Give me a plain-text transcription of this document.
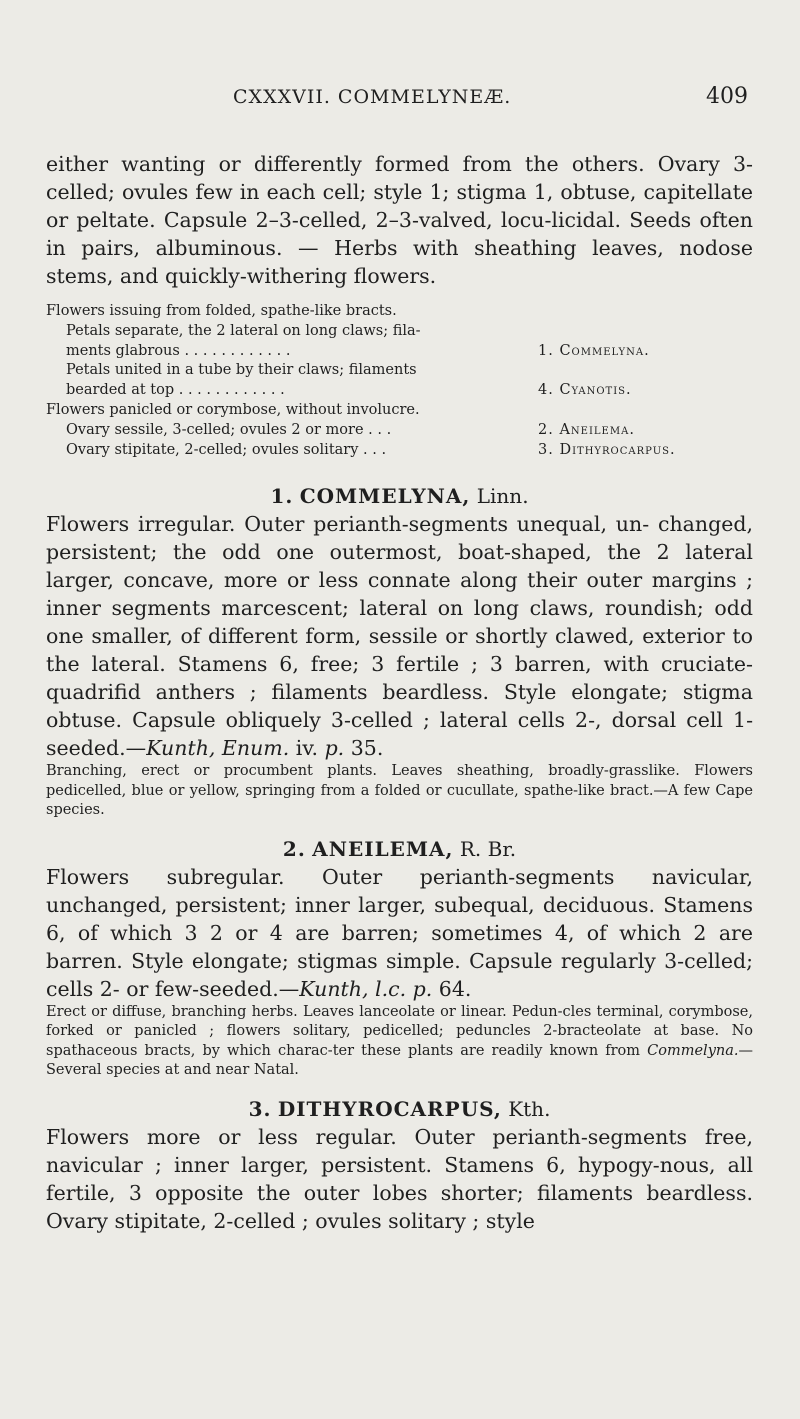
CXXXVII. COMMELYNEÆ.	409

either wanting or differently formed from the others. Ovary 3-celled; ovules few in each cell; style 1; stigma 1, obtuse, capitellate or peltate. Capsule 2–3-celled, 2–3-valved, locu-licidal. Seeds often in pairs, albuminous. — Herbs with sheathing leaves, nodose stems, and quickly-withering flowers.

Flowers issuing from folded, spathe-like bracts.
Petals separate, the 2 lateral on long claws; fila-
ments glabrous . . . . . . . . . . . .	1. Commelyna.
Petals united in a tube by their claws; filaments
bearded at top . . . . . . . . . . . .	4. Cyanotis.
Flowers panicled or corymbose, without involucre.
Ovary sessile, 3-celled; ovules 2 or more . . .	2. Aneilema.
Ovary stipitate, 2-celled; ovules solitary . . .	3. Dithyrocarpus.
1. COMMELYNA, Linn.

Flowers irregular. Outer perianth-segments unequal, un- changed, persistent; the odd one outermost, boat-shaped, the 2 lateral larger, concave, more or less connate along their outer margins ; inner segments marcescent; lateral on long claws, roundish; odd one smaller, of different form, sessile or shortly clawed, exterior to the lateral. Stamens 6, free; 3 fertile ; 3 barren, with cruciate-quadrifid anthers ; filaments beardless. Style elongate; stigma obtuse. Capsule obliquely 3-celled ; lateral cells 2-, dorsal cell 1-seeded.—Kunth, Enum. iv. p. 35.

Branching, erect or procumbent plants. Leaves sheathing, broadly-grasslike. Flowers pedicelled, blue or yellow, springing from a folded or cucullate, spathe-like bract.—A few Cape species.

2. ANEILEMA, R. Br.

Flowers subregular. Outer perianth-segments navicular, unchanged, persistent; inner larger, subequal, deciduous. Stamens 6, of which 3 2 or 4 are barren; sometimes 4, of which 2 are barren. Style elongate; stigmas simple. Capsule regularly 3-celled; cells 2- or few-seeded.—Kunth, l.c. p. 64.

Erect or diffuse, branching herbs. Leaves lanceolate or linear. Pedun-cles terminal, corymbose, forked or panicled ; flowers solitary, pedicelled; peduncles 2-bracteolate at base. No spathaceous bracts, by which charac-ter these plants are readily known from Commelyna.—Several species at and near Natal.

3. DITHYROCARPUS, Kth.

Flowers more or less regular. Outer perianth-segments free, navicular ; inner larger, persistent. Stamens 6, hypogy-nous, all fertile, 3 opposite the outer lobes shorter; filaments beardless. Ovary stipitate, 2-celled ; ovules solitary ; style
